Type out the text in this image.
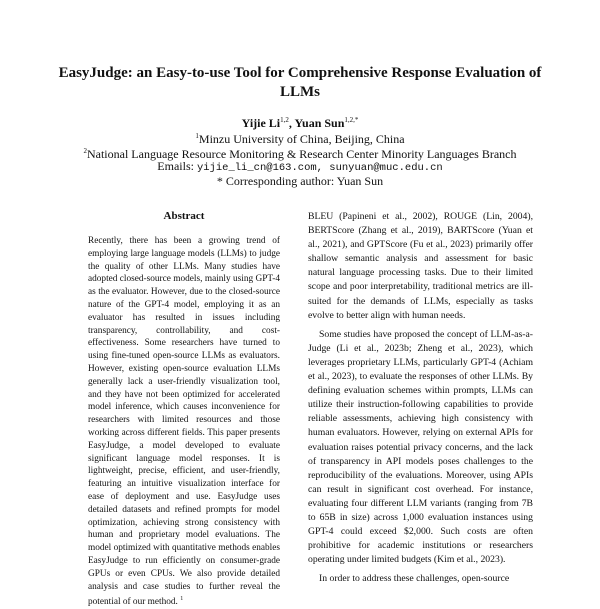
EasyJudge: an Easy-to-use Tool for Comprehensive Response Evaluation of LLMs
Yijie Li$^{1,2}$, Yuan Sun$^{1,2,*}$
$^1$Minzu University of China, Beijing, China
$^2$National Language Resource Monitoring & Research Center Minority Languages Branch
Emails: yijie_li_cn@163.com, sunyuan@muc.edu.cn
* Corresponding author: Yuan Sun
Abstract
Recently, there has been a growing trend of employing large language models (LLMs) to judge the quality of other LLMs. Many studies have adopted closed-source models, mainly using GPT-4 as the evaluator. However, due to the closed-source nature of the GPT-4 model, employing it as an evaluator has resulted in issues including transparency, controllability, and cost-effectiveness. Some researchers have turned to using fine-tuned open-source LLMs as evaluators. However, existing open-source evaluation LLMs generally lack a user-friendly visualization tool, and they have not been optimized for accelerated model inference, which causes inconvenience for researchers with limited resources and those working across different fields. This paper presents EasyJudge, a model developed to evaluate significant language model responses. It is lightweight, precise, efficient, and user-friendly, featuring an intuitive visualization interface for ease of deployment and use. EasyJudge uses detailed datasets and refined prompts for model optimization, achieving strong consistency with human and proprietary model evaluations. The model optimized with quantitative methods enables EasyJudge to run efficiently on consumer-grade GPUs or even CPUs. We also provide detailed analysis and case studies to further reveal the potential of our method. $^1$

BLEU (Papineni et al., 2002), ROUGE (Lin, 2004), BERTScore (Zhang et al., 2019), BARTScore (Yuan et al., 2021), and GPTScore (Fu et al., 2023) primarily offer shallow semantic analysis and assessment for basic natural language processing tasks. Due to their limited scope and poor interpretability, traditional metrics are ill-suited for the demands of LLMs, especially as tasks evolve to better align with human needs.

Some studies have proposed the concept of LLM-as-a-Judge (Li et al., 2023b; Zheng et al., 2023), which leverages proprietary LLMs, particularly GPT-4 (Achiam et al., 2023), to evaluate the responses of other LLMs. By defining evaluation schemes within prompts, LLMs can utilize their instruction-following capabilities to provide reliable assessments, achieving high consistency with human evaluators. However, relying on external APIs for evaluation raises potential privacy concerns, and the lack of transparency in API models poses challenges to the reproducibility of the evaluations. Moreover, using APIs can result in significant cost overhead. For instance, evaluating four different LLM variants (ranging from 7B to 65B in size) across 1,000 evaluation instances using GPT-4 could exceed $2,000. Such costs are often prohibitive for academic institutions or researchers operating under limited budgets (Kim et al., 2023).

In order to address these challenges, open-source
